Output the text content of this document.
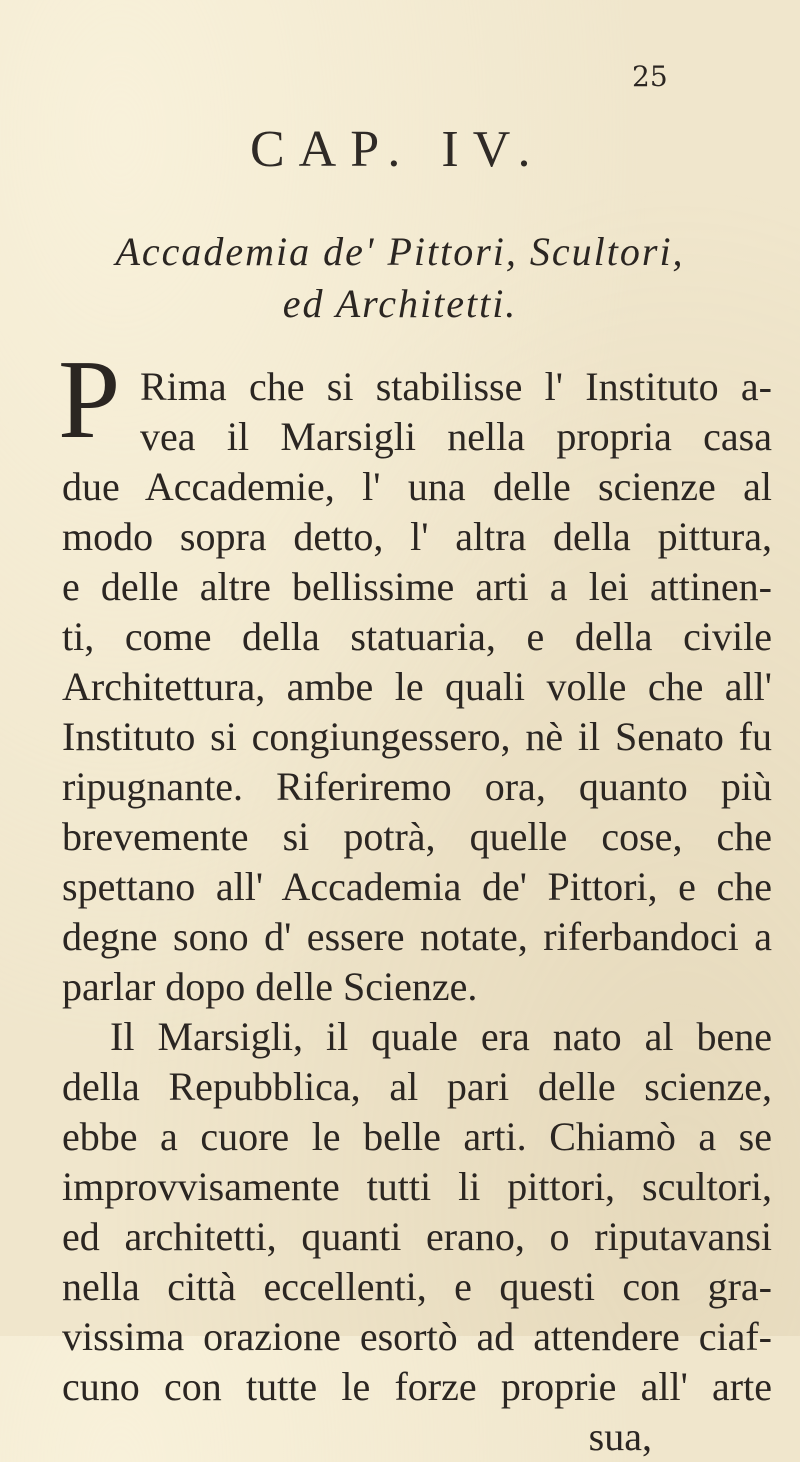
25
CAP. IV.
Accademia de' Pittori, Scultori,
ed Architetti.
P Rima che si stabilisse l' Instituto a-
vea il Marsigli nella propria casa
due Accademie, l' una delle scienze al
modo sopra detto, l' altra della pittura,
e delle altre bellissime arti a lei attinen-
ti, come della statuaria, e della civile
Architettura, ambe le quali volle che all'
Instituto si congiungessero, nè il Senato fu
ripugnante. Riferiremo ora, quanto più
brevemente si potrà, quelle cose, che
spettano all' Accademia de' Pittori, e che
degne sono d' essere notate, riferbandoci a
parlar dopo delle Scienze.
Il Marsigli, il quale era nato al bene
della Repubblica, al pari delle scienze,
ebbe a cuore le belle arti. Chiamò a se
improvvisamente tutti li pittori, scultori,
ed architetti, quanti erano, o riputavansi
nella città eccellenti, e questi con gra-
vissima orazione esortò ad attendere ciaf-
cuno con tutte le forze proprie all' arte
sua,
